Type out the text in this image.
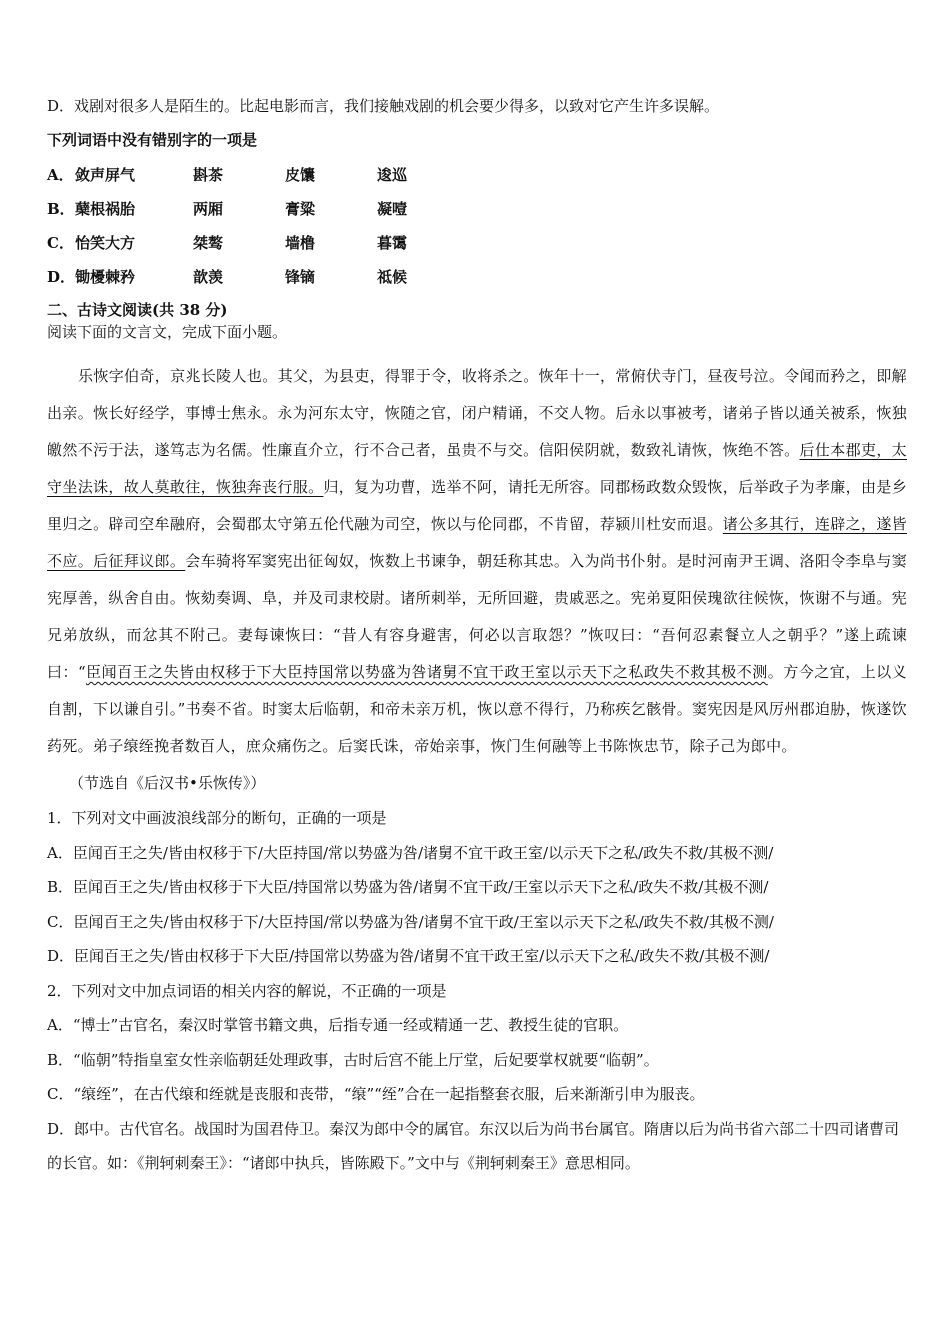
D．戏剧对很多人是陌生的。比起电影而言，我们接触戏剧的机会要少得多，以致对它产生许多误解。
下列词语中没有错别字的一项是
A． 敛声屏气	斟茶	皮馕	逡巡
B． 蘖根祸胎	两厢	膏粱	凝噎
C． 怡笑大方	桀骜	墙橹	暮霭
D． 锄櫌棘矜	歆羡	锋镝	祗候
二、古诗文阅读(共 38 分)
阅读下面的文言文，完成下面小题。
乐恢字伯奇，京兆长陵人也。其父，为县吏，得罪于令，收将杀之。恢年十一，常俯伏寺门，昼夜号泣。令闻而矜之，即解出亲。恢长好经学，事博士焦永。永为河东太守，恢随之官，闭户精诵，不交人物。后永以事被考，诸弟子皆以通关被系，恢独皦然不污于法，遂笃志为名儒。性廉直介立，行不合己者，虽贵不与交。信阳侯阴就，数致礼请恢，恢绝不答。后仕本郡吏，太守坐法诛，故人莫敢往，恢独奔丧行服。归，复为功曹，选举不阿，请托无所容。同郡杨政数众毁恢，后举政子为孝廉，由是乡里归之。辟司空牟融府，会蜀郡太守第五伦代融为司空，恢以与伦同郡，不肯留，荐颍川杜安而退。诸公多其行，连辟之，遂皆不应。后征拜议郎。会车骑将军窦宪出征匈奴，恢数上书谏争，朝廷称其忠。入为尚书仆射。是时河南尹王调、洛阳令李阜与窦宪厚善，纵舍自由。恢劾奏调、阜，并及司隶校尉。诸所刺举，无所回避，贵戚恶之。宪弟夏阳侯瑰欲往候恢，恢谢不与通。宪兄弟放纵，而忿其不附己。妻每谏恢曰：“昔人有容身避害，何必以言取怨？”恢叹曰：“吾何忍素餐立人之朝乎？”遂上疏谏曰：“臣闻百王之失皆由权移于下大臣持国常以势盛为咎诸舅不宜干政王室以示天下之私政失不救其极不测。方今之宜，上以义自割，下以谦自引。”书奏不省。时窦太后临朝，和帝未亲万机，恢以意不得行，乃称疾乞骸骨。窦宪因是风厉州郡迫胁，恢遂饮药死。弟子缞绖挽者数百人，庶众痛伤之。后窦氏诛，帝始亲事，恢门生何融等上书陈恢忠节，除子己为郎中。
（节选自《后汉书•乐恢传》）
1．下列对文中画波浪线部分的断句，正确的一项是
A．臣闻百王之失/皆由权移于下/大臣持国/常以势盛为咎/诸舅不宜干政王室/以示天下之私/政失不救/其极不测/
B．臣闻百王之失/皆由权移于下大臣/持国常以势盛为咎/诸舅不宜干政/王室以示天下之私/政失不救/其极不测/
C．臣闻百王之失/皆由权移于下/大臣持国/常以势盛为咎/诸舅不宜干政/王室以示天下之私/政失不救/其极不测/
D．臣闻百王之失/皆由权移于下大臣/持国常以势盛为咎/诸舅不宜干政王室/以示天下之私/政失不救/其极不测/
2．下列对文中加点词语的相关内容的解说，不正确的一项是
A．“博士”古官名，秦汉时掌管书籍文典，后指专通一经或精通一艺、教授生徒的官职。
B．“临朝”特指皇室女性亲临朝廷处理政事，古时后宫不能上厅堂，后妃要掌权就要“临朝”。
C．“缞绖”，在古代缞和绖就是丧服和丧带，“缞”“绖”合在一起指整套衣服，后来渐渐引申为服丧。
D．郎中。古代官名。战国时为国君侍卫。秦汉为郎中令的属官。东汉以后为尚书台属官。隋唐以后为尚书省六部二十四司诸曹司的长官。如：《荆轲刺秦王》：“诸郎中执兵，皆陈殿下。”文中与《荆轲刺秦王》意思相同。
